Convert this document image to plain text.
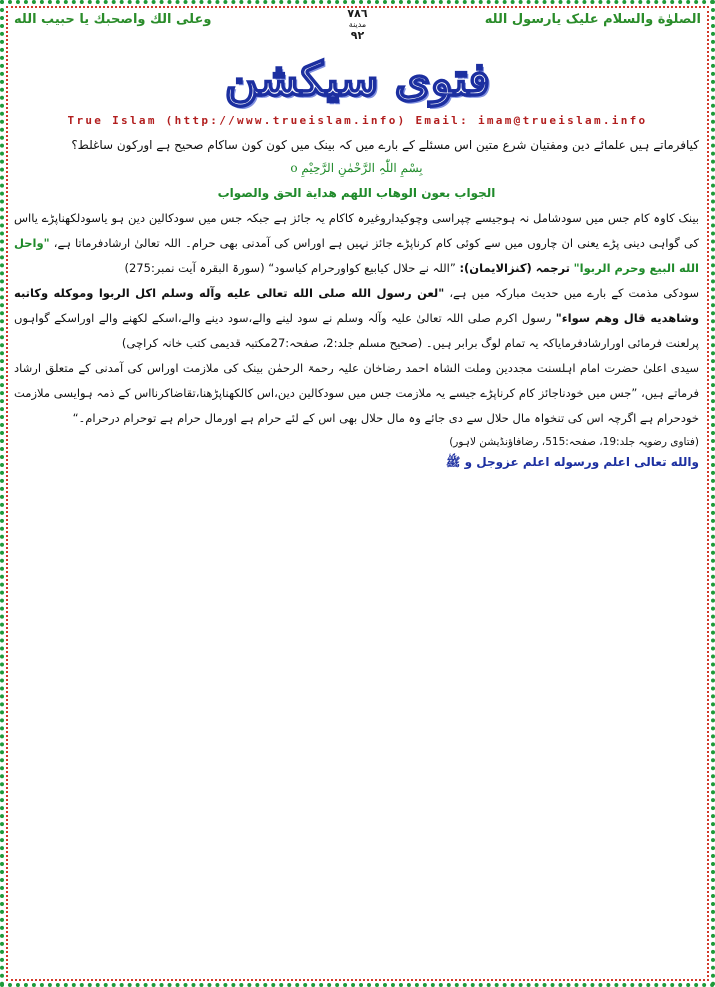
وعلى الك واصحبك يا حبيب الله	٧٨٦
مدينة
٩٢
الصلوٰة والسلام علیک یارسول الله
فتوی سیکشن
True Islam (http://www.trueislam.info) Email: imam@trueislam.info
کیافرماتے ہیں علمائے دین ومفتیان شرع متین اس مسئلے کے بارے میں کہ بینک میں کون کون ساکام صحیح ہے اورکون ساغلط؟
بِسْمِ اللّٰہِ الرَّحْمٰنِ الرَّحِیْمِ o
الجواب بعون الوهاب اللهم هداية الحق والصواب

بینک کاوہ کام جس میں سودشامل نہ ہوجیسے چپراسی وچوکیداروغیرہ کاکام یہ جائز ہے جبکہ جس میں سودکالین دین ہو یاسودلکھناپڑے یااس کی گواہی دینی پڑے یعنی ان چاروں میں سے کوئی کام کرناپڑے جائز نہیں ہے اوراس کی آمدنی بھی حرام۔ اللہ تعالیٰ ارشادفرماتا ہے، "واحل الله البيع وحرم الربوا" ترجمہ (کنزالایمان): ”اللہ نے حلال کیابیع کواورحرام کیاسود“ (سورۃ البقرہ آیت نمبر:275)

سودکی مذمت کے بارے میں حدیث مبارکہ میں ہے، "لعن رسول الله صلى الله تعالى عليه وآله وسلم اكل الربوا وموكله وكاتبه وشاهديه قال وهم سواء" رسول اکرم صلی اللہ تعالیٰ علیہ وآلہ وسلم نے سود لینے والے،سود دینے والے،اسکے لکھنے والے اوراسکے گواہوں پرلعنت فرمائی اورارشادفرمایاکہ یہ تمام لوگ برابر ہیں۔ (صحیح مسلم جلد:2، صفحہ:27مکتبہ قدیمی کتب خانہ کراچی)

سیدی اعلیٰ حضرت امام اہلسنت مجددین وملت الشاہ احمد رضاخان علیہ رحمۃ الرحمٰن بینک کی ملازمت اوراس کی آمدنی کے متعلق ارشاد فرماتے ہیں، ”جس میں خودناجائز کام کرناپڑے جیسے یہ ملازمت جس میں سودکالین دین،اس کالکھناپڑھنا،تقاضاکرنااس کے ذمہ ہوایسی ملازمت خودحرام ہے اگرچہ اس کی تنخواہ مال حلال سے دی جائے وہ مال حلال بھی اس کے لئے حرام ہے اورمال حرام ہے توحرام درحرام۔“

(فتاوی رضویہ جلد:19، صفحہ:515، رضافاؤنڈیشن لاہور)
والله تعالى اعلم ورسوله اعلم عزوجل و ﷺ
